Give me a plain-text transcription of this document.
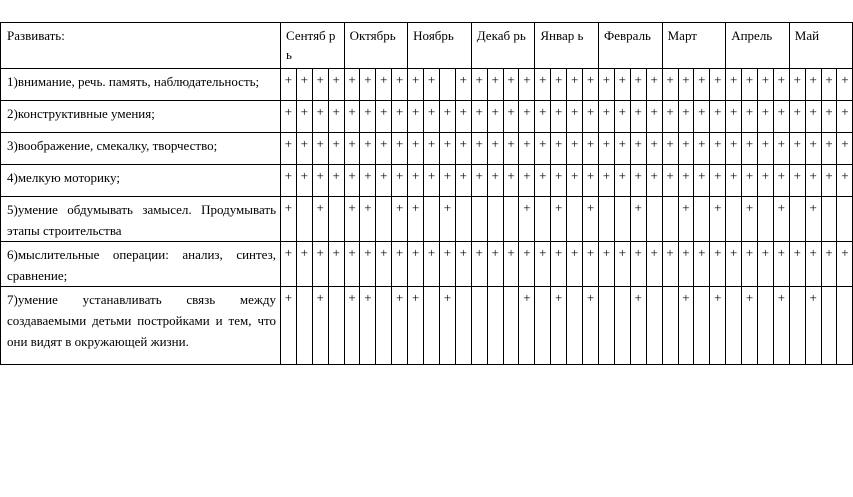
Развивать:	Сентяб рь				Октябрь				Ноябрь				Декаб рь				Январ ь				Февраль				Март				Апрель				Май			
1)внимание, речь. память, наблюдательность;	+	+	+	+	+	+	+	+	+	+		+	+	+	+	+	+	+	+	+	+	+	+	+	+	+	+	+	+	+	+	+	+	+	+	+
2)конструктивные умения;	+	+	+	+	+	+	+	+	+	+	+	+	+	+	+	+	+	+	+	+	+	+	+	+	+	+	+	+	+	+	+	+	+	+	+	+
3)воображение, смекалку, творчество;	+	+	+	+	+	+	+	+	+	+	+	+	+	+	+	+	+	+	+	+	+	+	+	+	+	+	+	+	+	+	+	+	+	+	+	+
4)мелкую моторику;	+	+	+	+	+	+	+	+	+	+	+	+	+	+	+	+	+	+	+	+	+	+	+	+	+	+	+	+	+	+	+	+	+	+	+	+
5)умение обдумывать замысел. Продумывать этапы строительства	+		+		+	+		+	+		+					+		+		+			+			+		+		+		+		+		
6)мыслительные операции: анализ, синтез, сравнение;	+	+	+	+	+	+	+	+	+	+	+	+	+	+	+	+	+	+	+	+	+	+	+	+	+	+	+	+	+	+	+	+	+	+	+	+
7)умение устанавливать связь между создаваемыми детьми постройками и тем, что они видят в окружающей жизни.	+		+		+	+		+	+		+					+		+		+			+			+		+		+		+		+		
